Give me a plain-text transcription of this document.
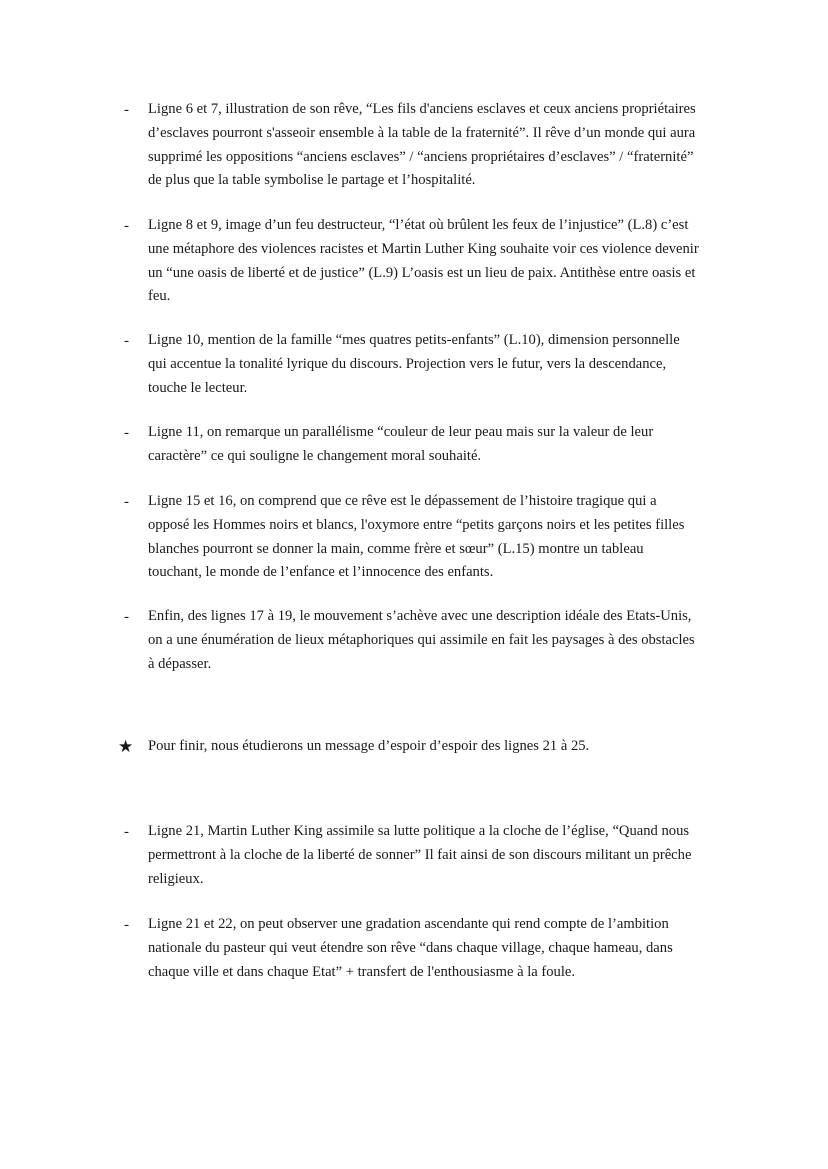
-	Ligne 6 et 7, illustration de son rêve, “Les fils d'anciens esclaves et ceux anciens propriétaires
d’esclaves pourront s'asseoir ensemble à la table de la fraternité”. Il rêve d’un monde qui aura
supprimé les oppositions “anciens esclaves” / “anciens propriétaires d’esclaves” / “fraternité”
de plus que la table symbolise le partage et l’hospitalité.
-	Ligne 8 et 9, image d’un feu destructeur, “l’état où brûlent les feux de l’injustice” (L.8) c’est
une métaphore des violences racistes et Martin Luther King souhaite voir ces violence devenir
un “une oasis de liberté et de justice” (L.9) L’oasis est un lieu de paix. Antithèse entre oasis et
feu.
-	Ligne 10, mention de la famille “mes quatres petits-enfants” (L.10), dimension personnelle
qui accentue la tonalité lyrique du discours. Projection vers le futur, vers la descendance,
touche le lecteur.
-	Ligne 11, on remarque un parallélisme “couleur de leur peau mais sur la valeur de leur
caractère” ce qui souligne le changement moral souhaité.
-	Ligne 15 et 16, on comprend que ce rêve est le dépassement de l’histoire tragique qui a
opposé les Hommes noirs et blancs, l'oxymore entre “petits garçons noirs et les petites filles
blanches pourront se donner la main, comme frère et sœur” (L.15) montre un tableau
touchant, le monde de l’enfance et l’innocence des enfants.
-	Enfin, des lignes 17 à 19, le mouvement s’achève avec une description idéale des Etats-Unis,
on a une énumération de lieux métaphoriques qui assimile en fait les paysages à des obstacles
à dépasser.
★	Pour finir, nous étudierons un message d’espoir d’espoir des lignes 21 à 25.
-	Ligne 21, Martin Luther King assimile sa lutte politique a la cloche de l’église, “Quand nous
permettront à la cloche de la liberté de sonner” Il fait ainsi de son discours militant un prêche
religieux.
-	Ligne 21 et 22, on peut observer une gradation ascendante qui rend compte de l’ambition
nationale du pasteur qui veut étendre son rêve “dans chaque village, chaque hameau, dans
chaque ville et dans chaque Etat” + transfert de l'enthousiasme à la foule.
